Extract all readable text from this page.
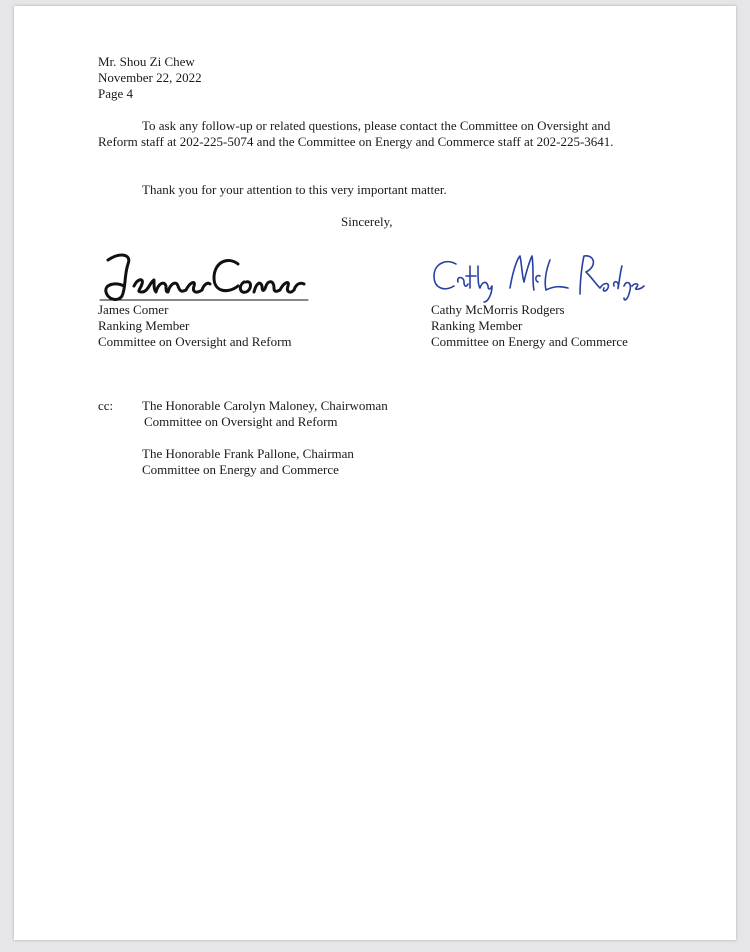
Mr. Shou Zi Chew

November 22, 2022

Page 4

To ask any follow-up or related questions, please contact the Committee on Oversight and Reform staff at 202-225-5074 and the Committee on Energy and Commerce staff at 202-225-3641.

Thank you for your attention to this very important matter.

Sincerely,

James Comer

Ranking Member

Committee on Oversight and Reform

Cathy McMorris Rodgers

Ranking Member

Committee on Energy and Commerce

cc: The Honorable Carolyn Maloney, Chairwoman

Committee on Oversight and Reform

The Honorable Frank Pallone, Chairman

Committee on Energy and Commerce
